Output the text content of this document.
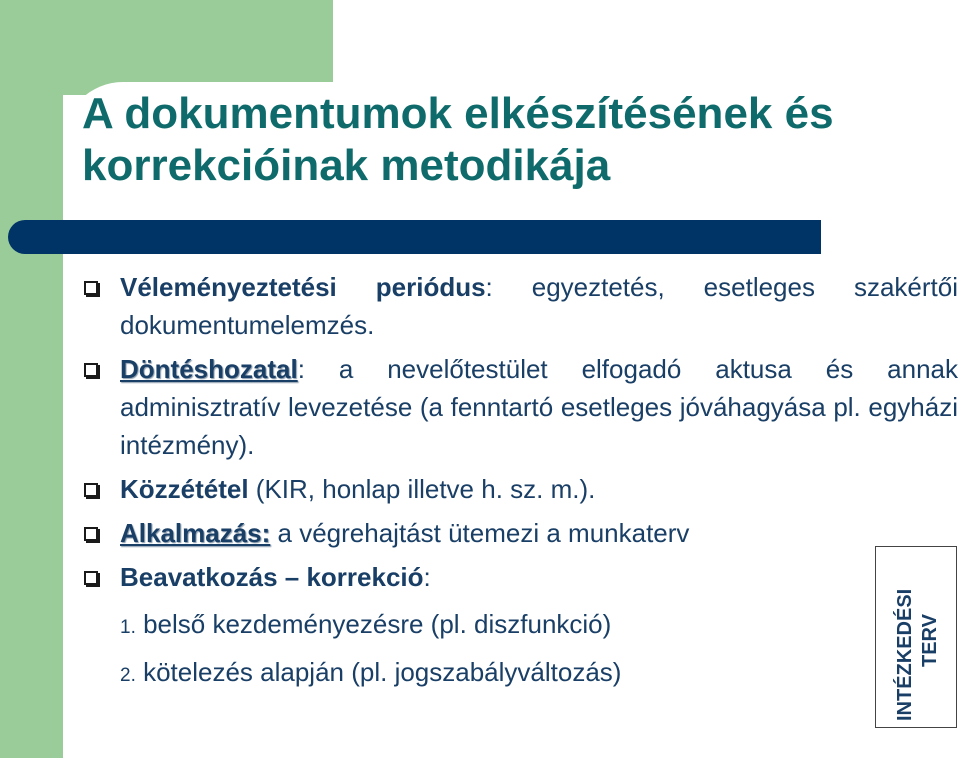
A dokumentumok elkészítésének és
korrekcióinak metodikája
Véleményeztetési periódus: egyeztetés, esetleges szakértői dokumentumelemzés.
Döntéshozatal: a nevelőtestület elfogadó aktusa és annak adminisztratív levezetése (a fenntartó esetleges jóváhagyása pl. egyházi intézmény).
Közzététel (KIR, honlap illetve h. sz. m.).
Alkalmazás: a végrehajtást ütemezi a munkaterv
Beavatkozás – korrekció:
1. belső kezdeményezésre (pl. diszfunkció)
2. kötelezés alapján (pl. jogszabályváltozás)	INTÉZKEDÉSI TERV
